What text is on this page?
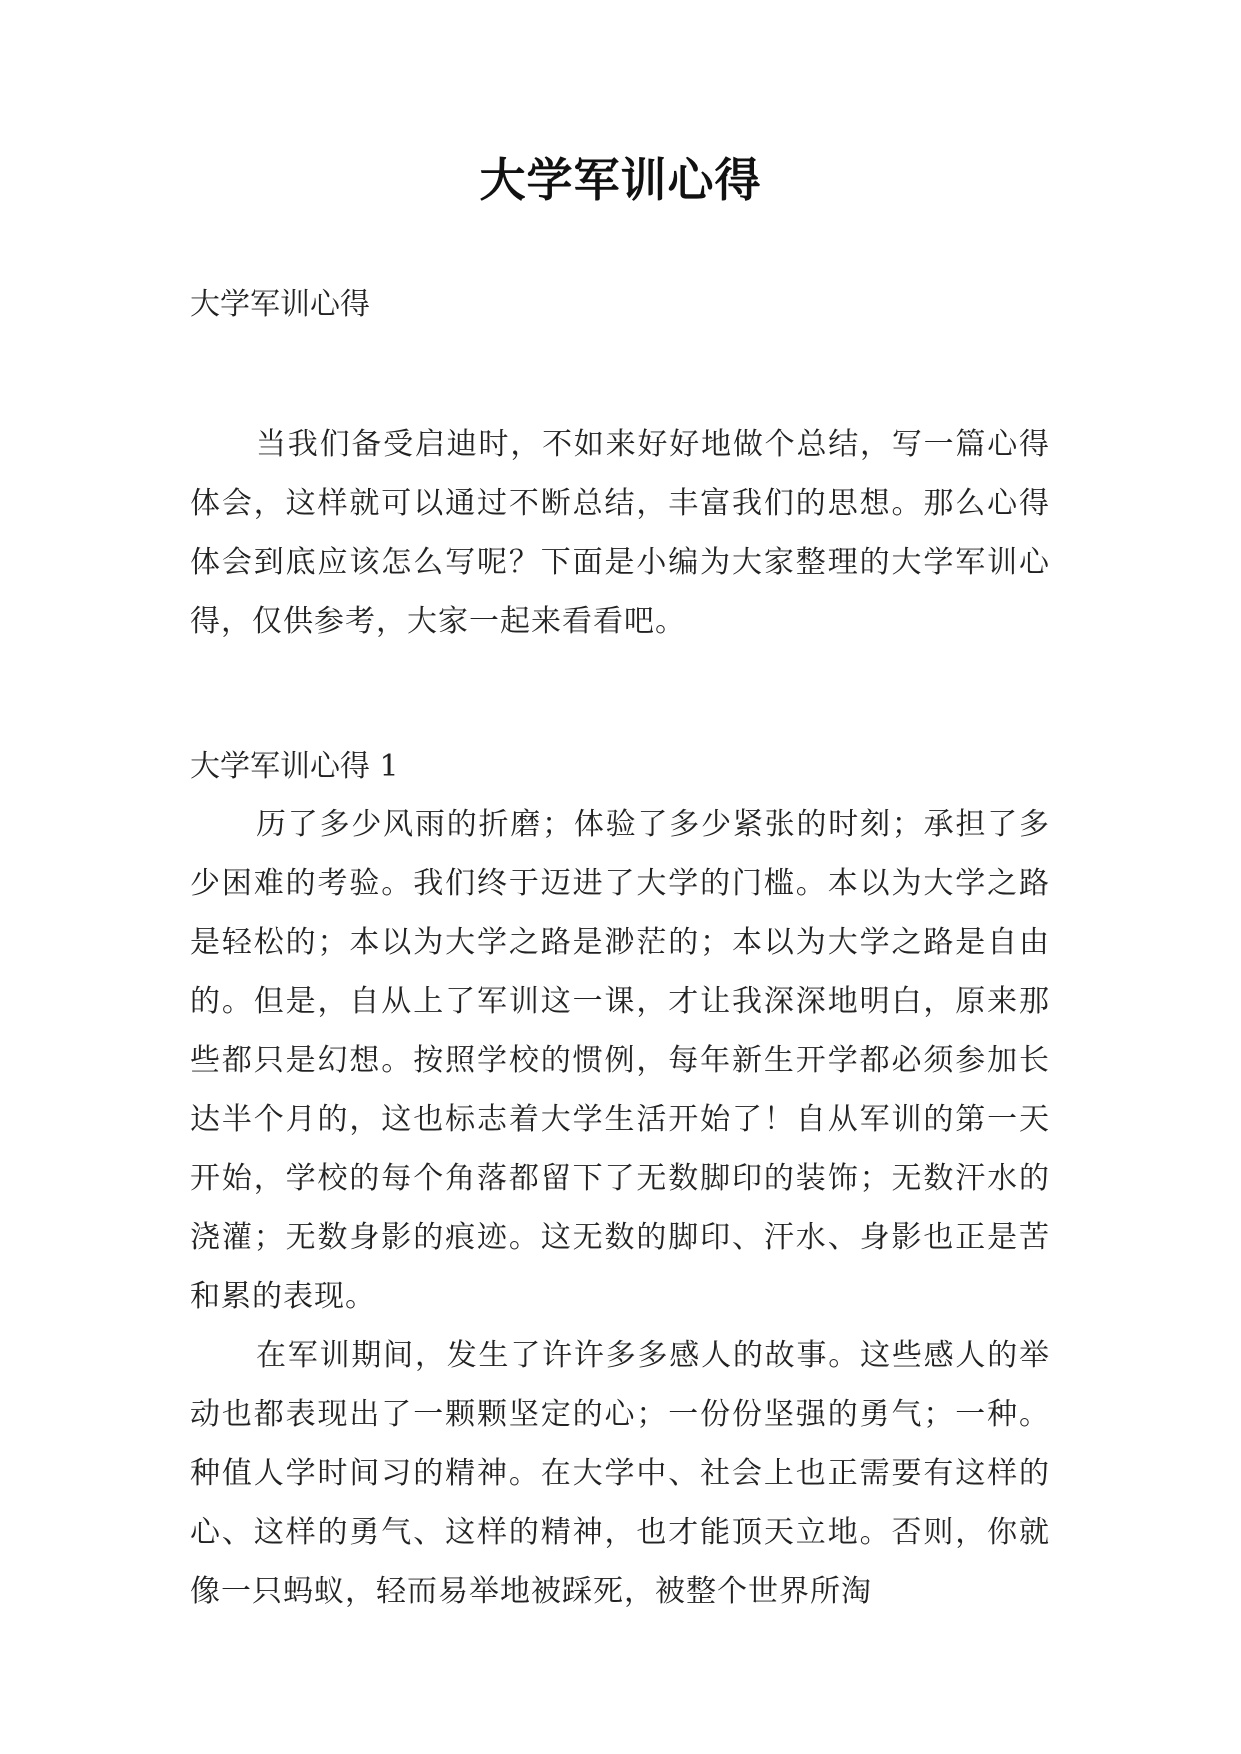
大学军训心得

大学军训心得

当我们备受启迪时，不如来好好地做个总结，写一篇心得体会，这样就可以通过不断总结，丰富我们的思想。那么心得体会到底应该怎么写呢？下面是小编为大家整理的大学军训心得，仅供参考，大家一起来看看吧。

大学军训心得 1

历了多少风雨的折磨；体验了多少紧张的时刻；承担了多少困难的考验。我们终于迈进了大学的门槛。本以为大学之路是轻松的；本以为大学之路是渺茫的；本以为大学之路是自由的。但是，自从上了军训这一课，才让我深深地明白，原来那些都只是幻想。按照学校的惯例，每年新生开学都必须参加长达半个月的，这也标志着大学生活开始了！自从军训的第一天开始，学校的每个角落都留下了无数脚印的装饰；无数汗水的浇灌；无数身影的痕迹。这无数的脚印、汗水、身影也正是苦和累的表现。

在军训期间，发生了许许多多感人的故事。这些感人的举动也都表现出了一颗颗坚定的心；一份份坚强的勇气；一种。种值人学时间习的精神。在大学中、社会上也正需要有这样的心、这样的勇气、这样的精神，也才能顶天立地。否则，你就像一只蚂蚁，轻而易举地被踩死，被整个世界所淘
